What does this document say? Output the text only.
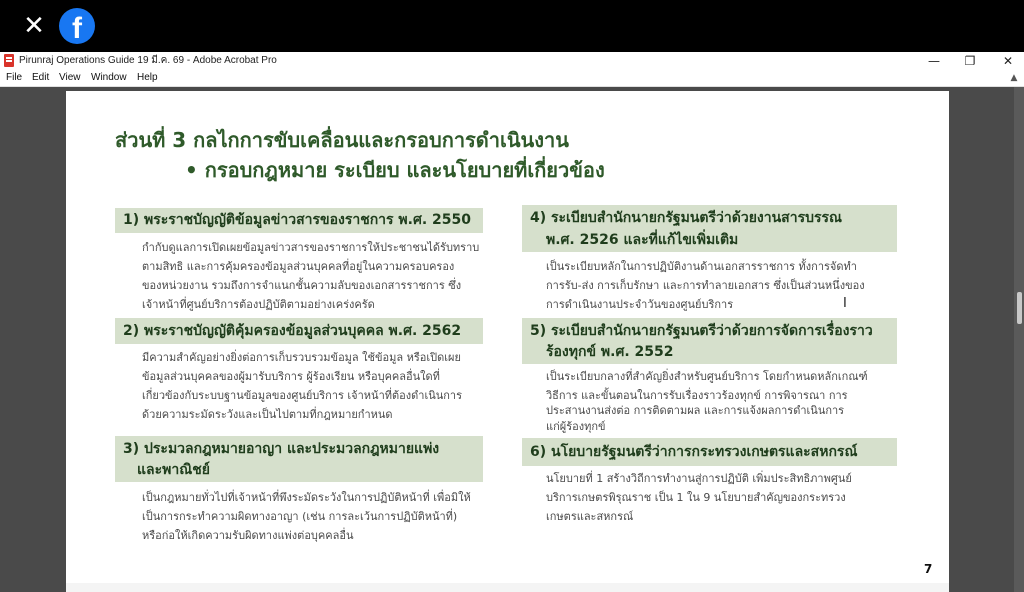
✕ f
Pirunraj Operations Guide 19 มี.ค. 69 - Adobe Acrobat Pro	—	❐	✕
File Edit View Window Help	▲
ส่วนที่ 3 กลไกการขับเคลื่อนและกรอบการดำเนินงาน
• กรอบกฎหมาย ระเบียบ และนโยบายที่เกี่ยวข้อง
1) พระราชบัญญัติข้อมูลข่าวสารของราชการ พ.ศ. 2550
กำกับดูแลการเปิดเผยข้อมูลข่าวสารของราชการให้ประชาชนได้รับทราบ
ตามสิทธิ และการคุ้มครองข้อมูลส่วนบุคคลที่อยู่ในความครอบครอง
ของหน่วยงาน รวมถึงการจำแนกชั้นความลับของเอกสารราชการ ซึ่ง
เจ้าหน้าที่ศูนย์บริการต้องปฏิบัติตามอย่างเคร่งครัด
2) พระราชบัญญัติคุ้มครองข้อมูลส่วนบุคคล พ.ศ. 2562
มีความสำคัญอย่างยิ่งต่อการเก็บรวบรวมข้อมูล ใช้ข้อมูล หรือเปิดเผย
ข้อมูลส่วนบุคคลของผู้มารับบริการ ผู้ร้องเรียน หรือบุคคลอื่นใดที่
เกี่ยวข้องกับระบบฐานข้อมูลของศูนย์บริการ เจ้าหน้าที่ต้องดำเนินการ
ด้วยความระมัดระวังและเป็นไปตามที่กฎหมายกำหนด
3) ประมวลกฎหมายอาญา และประมวลกฎหมายแพ่ง
และพาณิชย์
เป็นกฎหมายทั่วไปที่เจ้าหน้าที่พึงระมัดระวังในการปฏิบัติหน้าที่ เพื่อมิให้
เป็นการกระทำความผิดทางอาญา (เช่น การละเว้นการปฏิบัติหน้าที่)
หรือก่อให้เกิดความรับผิดทางแพ่งต่อบุคคลอื่น
4) ระเบียบสำนักนายกรัฐมนตรีว่าด้วยงานสารบรรณ
พ.ศ. 2526 และที่แก้ไขเพิ่มเติม
เป็นระเบียบหลักในการปฏิบัติงานด้านเอกสารราชการ ทั้งการจัดทำ
การรับ-ส่ง การเก็บรักษา และการทำลายเอกสาร ซึ่งเป็นส่วนหนึ่งของ
การดำเนินงานประจำวันของศูนย์บริการ
5) ระเบียบสำนักนายกรัฐมนตรีว่าด้วยการจัดการเรื่องราว
ร้องทุกข์ พ.ศ. 2552
เป็นระเบียบกลางที่สำคัญยิ่งสำหรับศูนย์บริการ โดยกำหนดหลักเกณฑ์
วิธีการ และขั้นตอนในการรับเรื่องราวร้องทุกข์ การพิจารณา การ
ประสานงานส่งต่อ การติดตามผล และการแจ้งผลการดำเนินการ
แก่ผู้ร้องทุกข์
6) นโยบายรัฐมนตรีว่าการกระทรวงเกษตรและสหกรณ์
นโยบายที่ 1 สร้างวิถีการทำงานสู่การปฏิบัติ เพิ่มประสิทธิภาพศูนย์
บริการเกษตรพิรุณราช เป็น 1 ใน 9 นโยบายสำคัญของกระทรวง
เกษตรและสหกรณ์
7
I
